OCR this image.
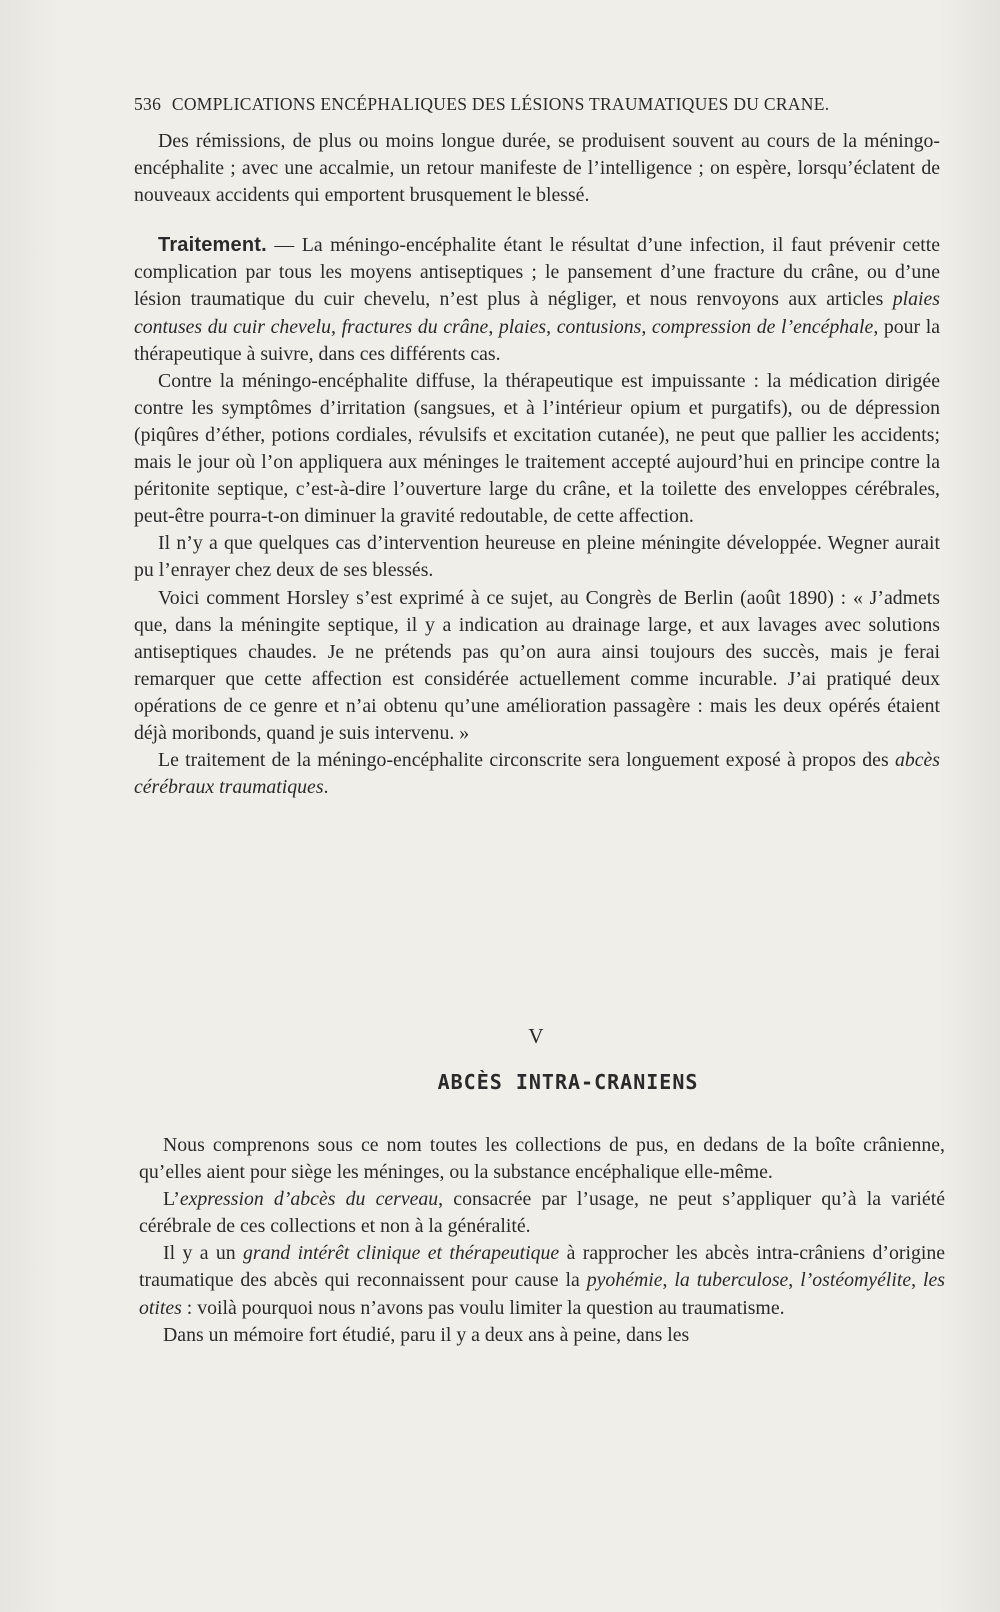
536 COMPLICATIONS ENCÉPHALIQUES DES LÉSIONS TRAUMATIQUES DU CRANE.

Des rémissions, de plus ou moins longue durée, se produisent souvent au cours de la méningo-encéphalite ; avec une accalmie, un retour manifeste de l’intelligence ; on espère, lorsqu’éclatent de nouveaux accidents qui emportent brusquement le blessé.

Traitement. — La méningo-encéphalite étant le résultat d’une infection, il faut prévenir cette complication par tous les moyens antiseptiques ; le pansement d’une fracture du crâne, ou d’une lésion traumatique du cuir chevelu, n’est plus à négliger, et nous renvoyons aux articles plaies contuses du cuir chevelu, fractures du crâne, plaies, contusions, compression de l’encéphale, pour la thérapeutique à suivre, dans ces différents cas.

Contre la méningo-encéphalite diffuse, la thérapeutique est impuissante : la médication dirigée contre les symptômes d’irritation (sangsues, et à l’intérieur opium et purgatifs), ou de dépression (piqûres d’éther, potions cordiales, révulsifs et excitation cutanée), ne peut que pallier les accidents; mais le jour où l’on appliquera aux méninges le traitement accepté aujourd’hui en principe contre la péritonite septique, c’est-à-dire l’ouverture large du crâne, et la toilette des enveloppes cérébrales, peut-être pourra-t-on diminuer la gravité redoutable, de cette affection.

Il n’y a que quelques cas d’intervention heureuse en pleine méningite développée. Wegner aurait pu l’enrayer chez deux de ses blessés.

Voici comment Horsley s’est exprimé à ce sujet, au Congrès de Berlin (août 1890) : « J’admets que, dans la méningite septique, il y a indication au drainage large, et aux lavages avec solutions antiseptiques chaudes. Je ne prétends pas qu’on aura ainsi toujours des succès, mais je ferai remarquer que cette affection est considérée actuellement comme incurable. J’ai pratiqué deux opérations de ce genre et n’ai obtenu qu’une amélioration passagère : mais les deux opérés étaient déjà moribonds, quand je suis intervenu. »

Le traitement de la méningo-encéphalite circonscrite sera longuement exposé à propos des abcès cérébraux traumatiques.

V
ABCÈS INTRA-CRANIENS

Nous comprenons sous ce nom toutes les collections de pus, en dedans de la boîte crânienne, qu’elles aient pour siège les méninges, ou la substance encéphalique elle-même.

L’expression d’abcès du cerveau, consacrée par l’usage, ne peut s’appliquer qu’à la variété cérébrale de ces collections et non à la généralité.

Il y a un grand intérêt clinique et thérapeutique à rapprocher les abcès intra-crâniens d’origine traumatique des abcès qui reconnaissent pour cause la pyohémie, la tuberculose, l’ostéomyélite, les otites : voilà pourquoi nous n’avons pas voulu limiter la question au traumatisme.

Dans un mémoire fort étudié, paru il y a deux ans à peine, dans les
